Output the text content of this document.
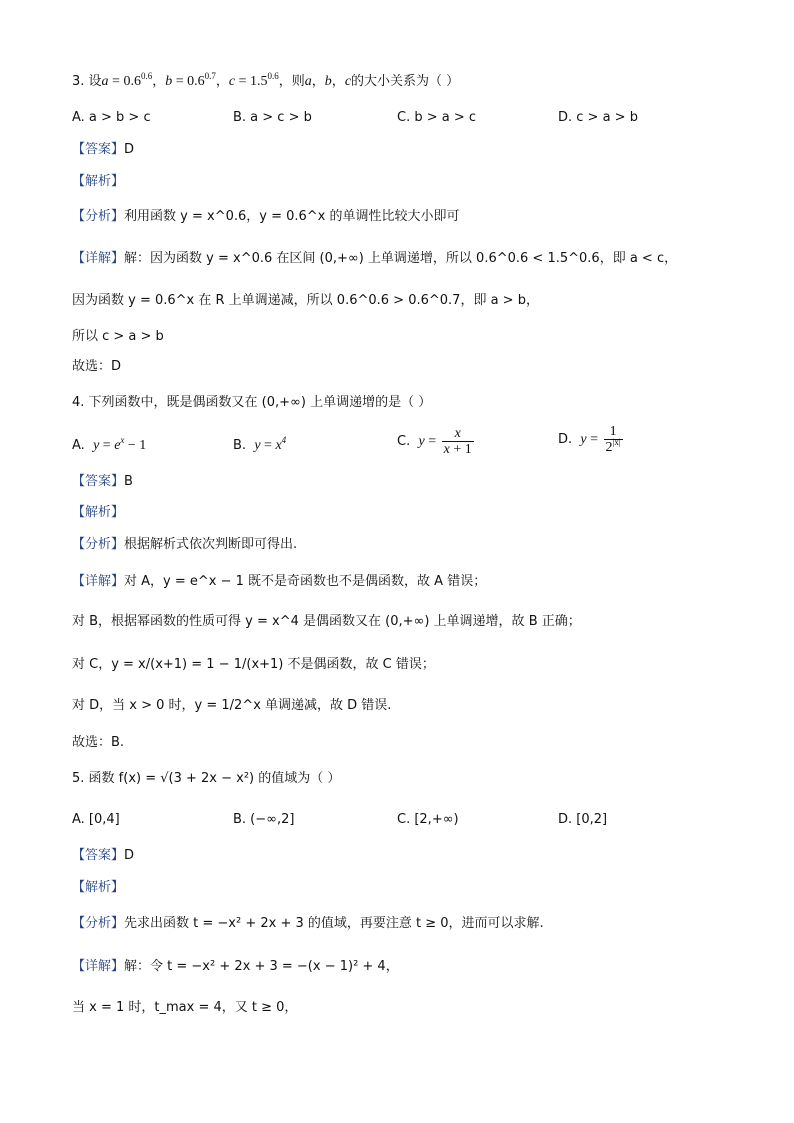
3. 设$a = 0.6^{0.6}$，$b = 0.6^{0.7}$，$c = 1.5^{0.6}$，则a，b，c的大小关系为（ ）
A. a > b > c	B. a > c > b	C. b > a > c	D. c > a > b
【答案】D
【解析】
【分析】利用函数 y = x^0.6，y = 0.6^x 的单调性比较大小即可
【详解】解：因为函数 y = x^0.6 在区间 (0,+∞) 上单调递增，所以 0.6^0.6 < 1.5^0.6，即 a < c，
因为函数 y = 0.6^x 在 R 上单调递减，所以 0.6^0.6 > 0.6^0.7，即 a > b，
所以 c > a > b
故选：D
4. 下列函数中，既是偶函数又在 (0,+∞) 上单调递增的是（ ）
A.  $y = e^x - 1$	B.  $y = x^4$	C.  $y = \frac{x}{x + 1}$	D.  $y = \frac{1}{2^{|x|}}$
【答案】B
【解析】
【分析】根据解析式依次判断即可得出.
【详解】对 A，y = e^x − 1 既不是奇函数也不是偶函数，故 A 错误；
对 B，根据幂函数的性质可得 y = x^4 是偶函数又在 (0,+∞) 上单调递增，故 B 正确；
对 C，y = x/(x+1) = 1 − 1/(x+1) 不是偶函数，故 C 错误；
对 D，当 x > 0 时，y = 1/2^x 单调递减，故 D 错误.
故选：B.
5. 函数 f(x) = √(3 + 2x − x²) 的值域为（ ）
A. [0,4]	B. (−∞,2]	C. [2,+∞)	D. [0,2]
【答案】D
【解析】
【分析】先求出函数 t = −x² + 2x + 3 的值域，再要注意 t ≥ 0，进而可以求解.
【详解】解：令 t = −x² + 2x + 3 = −(x − 1)² + 4，
当 x = 1 时，t_max = 4，又 t ≥ 0，
